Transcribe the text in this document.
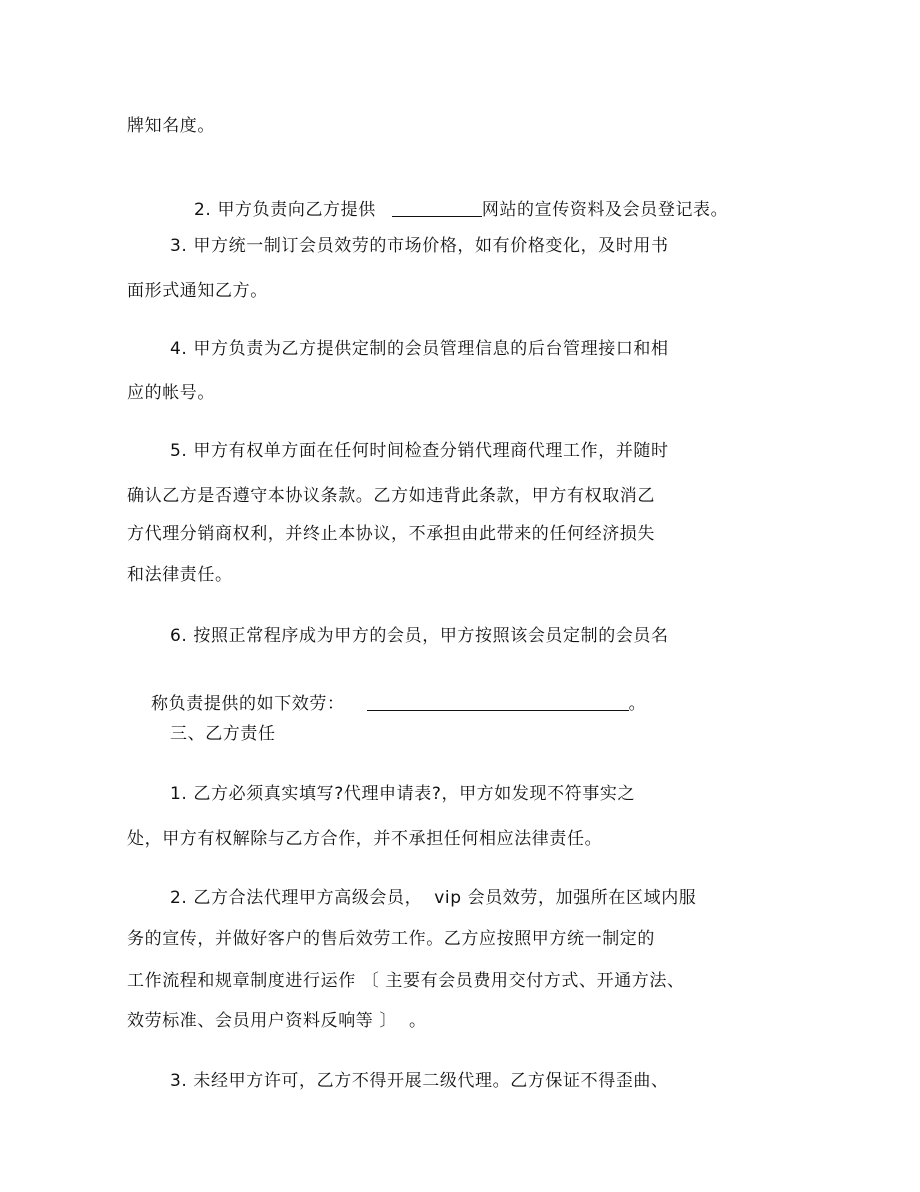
牌知名度。

2. 甲方负责向乙方提供	网站的宣传资料及会员登记表。

3. 甲方统一制订会员效劳的市场价格，如有价格变化，及时用书
面形式通知乙方。
4. 甲方负责为乙方提供定制的会员管理信息的后台管理接口和相
应的帐号。
5. 甲方有权单方面在任何时间检查分销代理商代理工作，并随时
确认乙方是否遵守本协议条款。乙方如违背此条款，甲方有权取消乙
方代理分销商权利，并终止本协议，不承担由此带来的任何经济损失
和法律责任。
6. 按照正常程序成为甲方的会员，甲方按照该会员定制的会员名

称负责提供的如下效劳：	。

三、乙方责任
1. 乙方必须真实填写?代理申请表?，甲方如发现不符事实之
处，甲方有权解除与乙方合作，并不承担任何相应法律责任。
2. 乙方合法代理甲方高级会员，  vip 会员效劳，加强所在区域内服
务的宣传，并做好客户的售后效劳工作。乙方应按照甲方统一制定的
工作流程和规章制度进行运作 〔 主要有会员费用交付方式、开通方法、
效劳标准、会员用户资料反响等 〕  。
3. 未经甲方许可，乙方不得开展二级代理。乙方保证不得歪曲、
